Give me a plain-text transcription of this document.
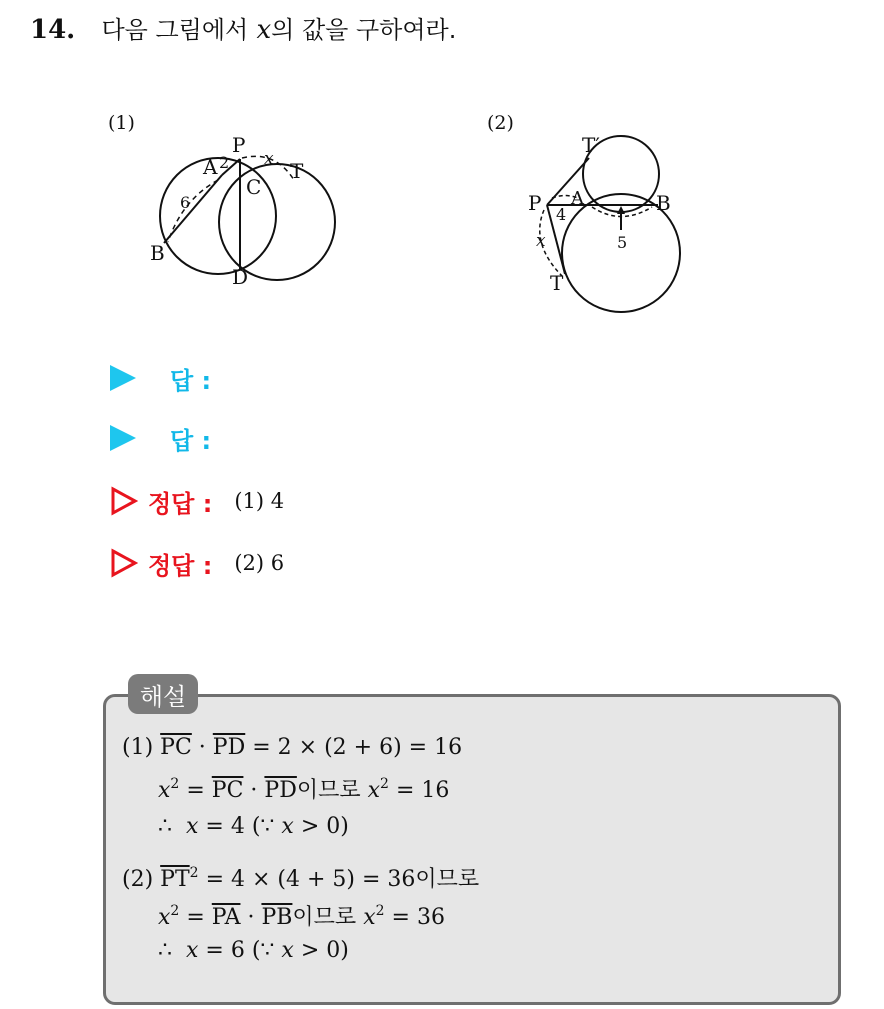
14. 다음 그림에서 x의 값을 구하여라.
(1)
P
A
B
C
D
T
2
6
x
(2)
T′
P A	B
T
4
5
x
답 :
답 :
정답 : (1) 4
정답 : (2) 6
해설
(1) $\overline{PC} \cdot \overline{PD} = 2 \times (2 + 6) = 16$
$x^2 = \overline{PC} \cdot \overline{PD}$이므로 $x^2 = 16$
∴ x = 4 (∵ x > 0)
(2) $\overline{PT}^2 = 4 \times (4 + 5) = 36$이므로
$x^2 = \overline{PA} \cdot \overline{PB}$이므로 $x^2 = 36$
∴ x = 6 (∵ x > 0)
